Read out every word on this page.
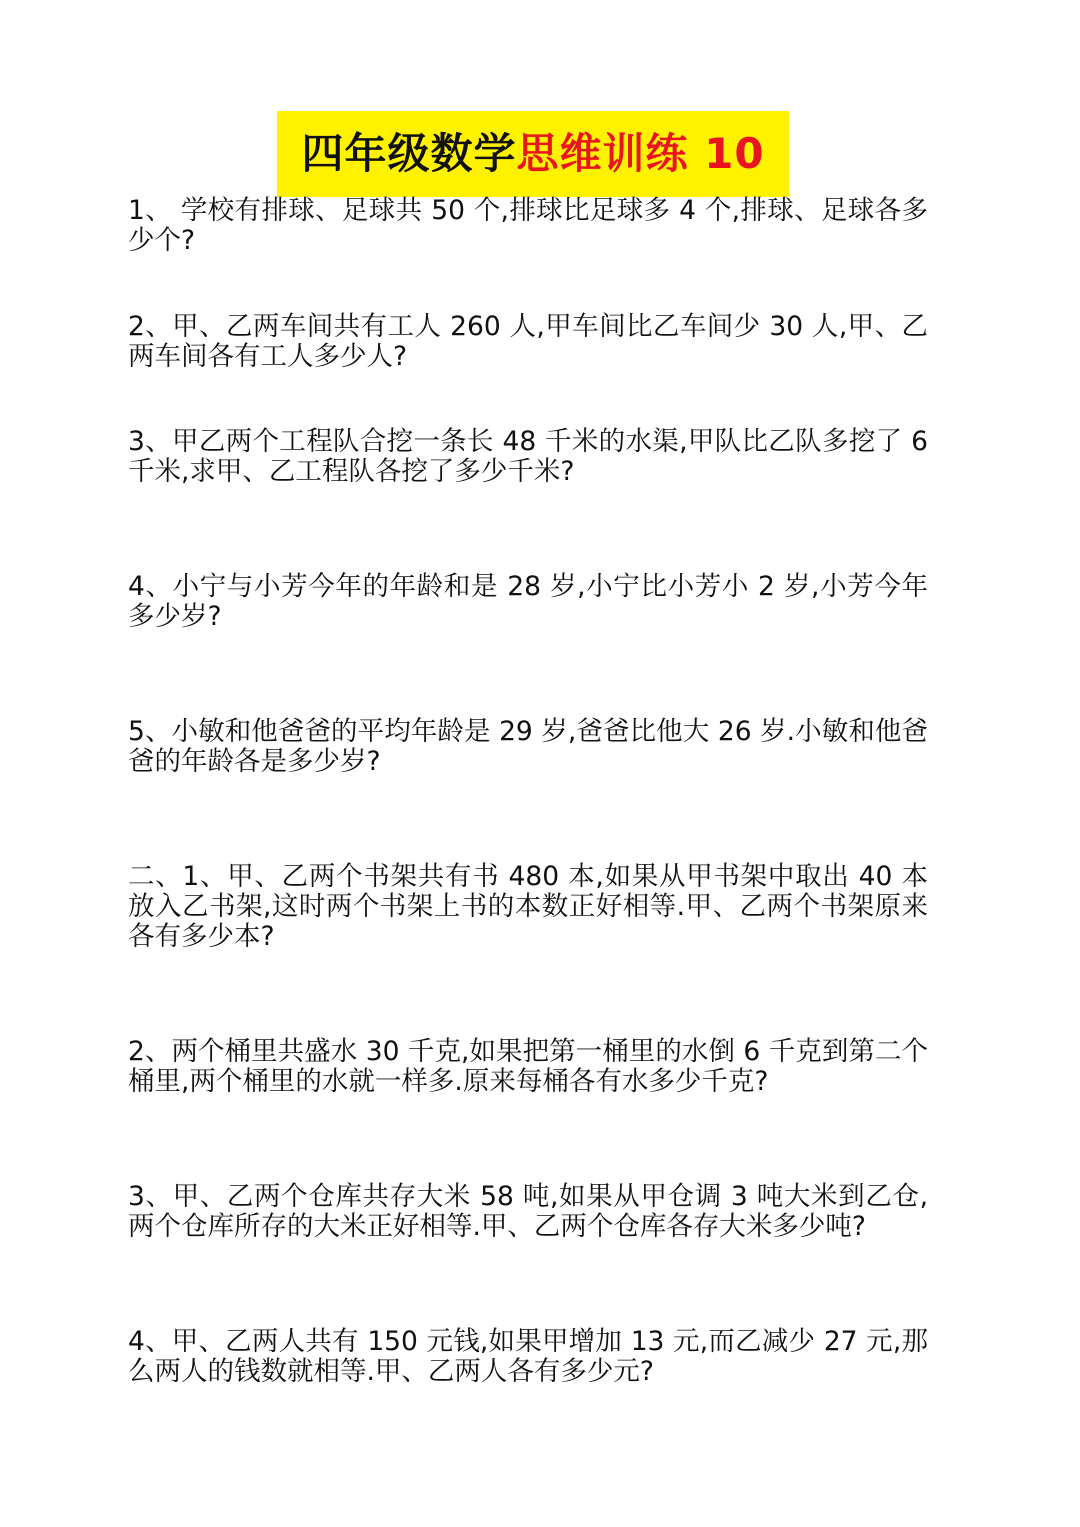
四年级数学思维训练 10

1、 学校有排球、足球共 50 个,排球比足球多 4 个,排球、足球各多少个?

2、甲、乙两车间共有工人 260 人,甲车间比乙车间少 30 人,甲、乙两车间各有工人多少人?

3、甲乙两个工程队合挖一条长 48 千米的水渠,甲队比乙队多挖了 6 千米,求甲、乙工程队各挖了多少千米?

4、小宁与小芳今年的年龄和是 28 岁,小宁比小芳小 2 岁,小芳今年多少岁?

5、小敏和他爸爸的平均年龄是 29 岁,爸爸比他大 26 岁.小敏和他爸爸的年龄各是多少岁?

二、1、甲、乙两个书架共有书 480 本,如果从甲书架中取出 40 本放入乙书架,这时两个书架上书的本数正好相等.甲、乙两个书架原来各有多少本?

2、两个桶里共盛水 30 千克,如果把第一桶里的水倒 6 千克到第二个桶里,两个桶里的水就一样多.原来每桶各有水多少千克?

3、甲、乙两个仓库共存大米 58 吨,如果从甲仓调 3 吨大米到乙仓,两个仓库所存的大米正好相等.甲、乙两个仓库各存大米多少吨?

4、甲、乙两人共有 150 元钱,如果甲增加 13 元,而乙减少 27 元,那么两人的钱数就相等.甲、乙两人各有多少元?
